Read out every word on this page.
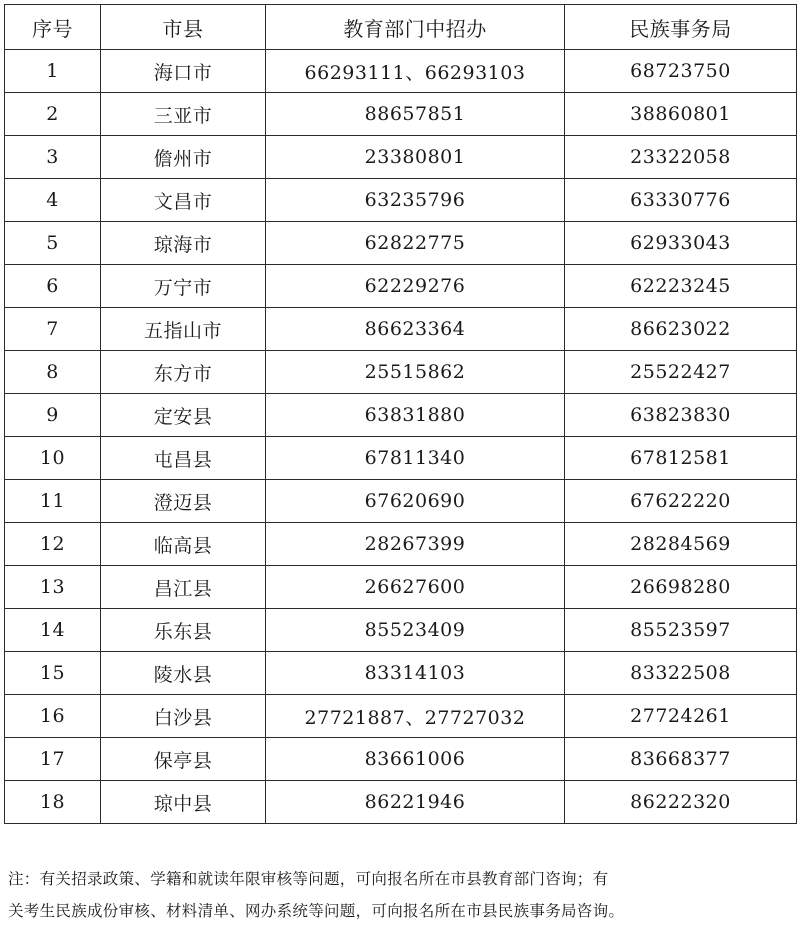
序号	市县	教育部门中招办	民族事务局
1	海口市	66293111、66293103	68723750
2	三亚市	88657851	38860801
3	儋州市	23380801	23322058
4	文昌市	63235796	63330776
5	琼海市	62822775	62933043
6	万宁市	62229276	62223245
7	五指山市	86623364	86623022
8	东方市	25515862	25522427
9	定安县	63831880	63823830
10	屯昌县	67811340	67812581
11	澄迈县	67620690	67622220
12	临高县	28267399	28284569
13	昌江县	26627600	26698280
14	乐东县	85523409	85523597
15	陵水县	83314103	83322508
16	白沙县	27721887、27727032	27724261
17	保亭县	83661006	83668377
18	琼中县	86221946	86222320
注：有关招录政策、学籍和就读年限审核等问题，可向报名所在市县教育部门咨询；有
关考生民族成份审核、材料清单、网办系统等问题，可向报名所在市县民族事务局咨询。
